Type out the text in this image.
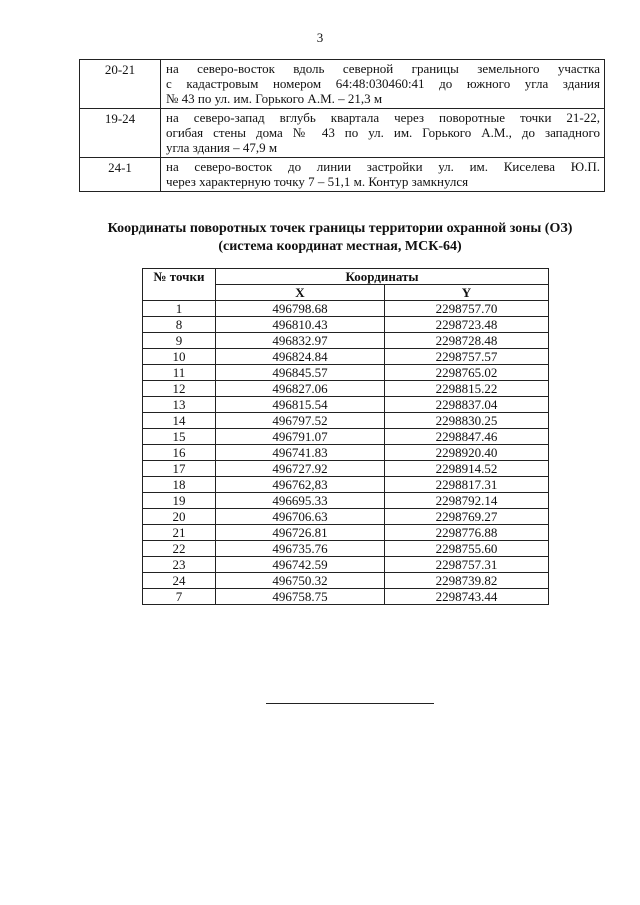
3
20-21	на северо-восток вдоль северной границы земельного участка
с кадастровым номером 64:48:030460:41 до южного угла здания
№ 43 по ул. им. Горького А.М. – 21,3 м

19-24	на северо-запад вглубь квартала через поворотные точки 21-22,
огибая стены дома № 43 по ул. им. Горького А.М., до западного
угла здания – 47,9 м

24-1	на северо-восток до линии застройки ул. им. Киселева Ю.П.
через характерную точку 7 – 51,1 м. Контур замкнулся
Координаты поворотных точек границы территории охранной зоны (ОЗ)
(система координат местная, МСК-64)
№ точки	Координаты	
	X	Y
1	496798.68	2298757.70
8	496810.43	2298723.48
9	496832.97	2298728.48
10	496824.84	2298757.57
11	496845.57	2298765.02
12	496827.06	2298815.22
13	496815.54	2298837.04
14	496797.52	2298830.25
15	496791.07	2298847.46
16	496741.83	2298920.40
17	496727.92	2298914.52
18	496762,83	2298817.31
19	496695.33	2298792.14
20	496706.63	2298769.27
21	496726.81	2298776.88
22	496735.76	2298755.60
23	496742.59	2298757.31
24	496750.32	2298739.82
7	496758.75	2298743.44
